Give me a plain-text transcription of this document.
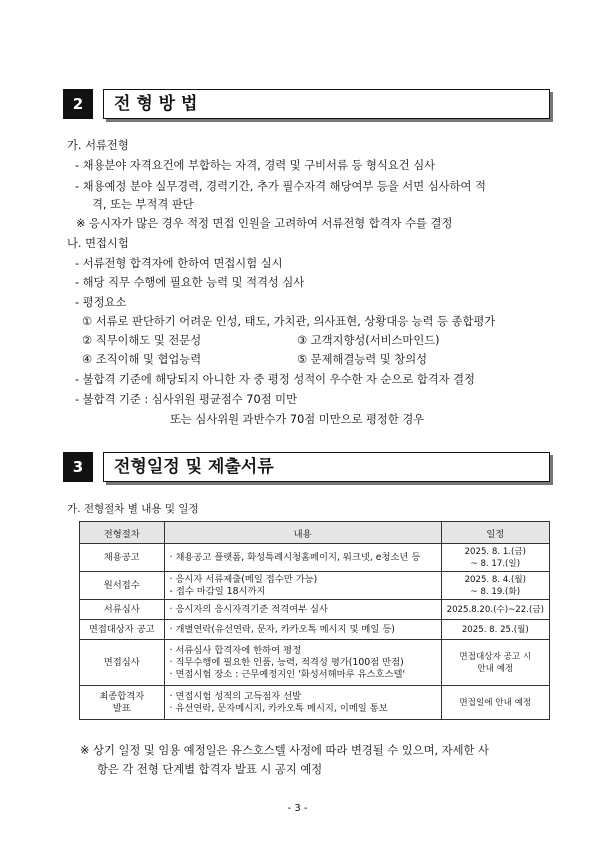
2	전 형 방 법
가. 서류전형
- 채용분야 자격요건에 부합하는 자격, 경력 및 구비서류 등 형식요건 심사
- 채용예정 분야 실무경력, 경력기간, 추가 필수자격 해당여부 등을 서면 심사하여 적
격, 또는 부적격 판단
※ 응시자가 많은 경우 적정 면접 인원을 고려하여 서류전형 합격자 수를 결정
나. 면접시험
- 서류전형 합격자에 한하여 면접시험 실시
- 해당 직무 수행에 필요한 능력 및 적격성 심사
- 평정요소
① 서류로 판단하기 어려운 인성, 태도, 가치관, 의사표현, 상황대응 능력 등 종합평가
② 직무이해도 및 전문성	③ 고객지향성(서비스마인드)
④ 조직이해 및 협업능력	⑤ 문제해결능력 및 창의성
- 불합격 기준에 해당되지 아니한 자 중 평정 성적이 우수한 자 순으로 합격자 결정
- 불합격 기준 : 심사위원 평균점수 70점 미만
또는 심사위원 과반수가 70점 미만으로 평정한 경우
3	전형일정 및 제출서류
가. 전형절차 별 내용 및 일정
전형절차	내용	일정

채용공고	· 채용공고 플랫폼, 화성특례시청홈페이지, 워크넷, e청소년 등	2025. 8. 1.(금)
~ 8. 17.(일)

원서접수	· 응시자 서류제출(메일 접수만 가능)
- 접수 마감일 18시까지	2025. 8. 4.(월)
~ 8. 19.(화)

서류심사	· 응시자의 응시자격기준 적격여부 심사	2025.8.20.(수)~22.(금)

면접대상자 공고	· 개별연락(유선연락, 문자, 카카오톡 메시지 및 메일 등)	2025. 8. 25.(월)

면접심사	· 서류심사 합격자에 한하여 평정
· 직무수행에 필요한 인품, 능력, 적격성 평가(100점 만점)
· 면접시험 장소 : 근무예정지인 '화성서해마루 유스호스텔'	면접대상자 공고 시
안내 예정

최종합격자
발표	· 면접시험 성적의 고득점자 선발
· 유선연락, 문자메시지, 카카오톡 메시지, 이메일 통보	면접일에 안내 예정
※ 상기 일정 및 임용 예정일은 유스호스텔 사정에 따라 변경될 수 있으며, 자세한 사
항은 각 전형 단계별 합격자 발표 시 공지 예정
- 3 -
